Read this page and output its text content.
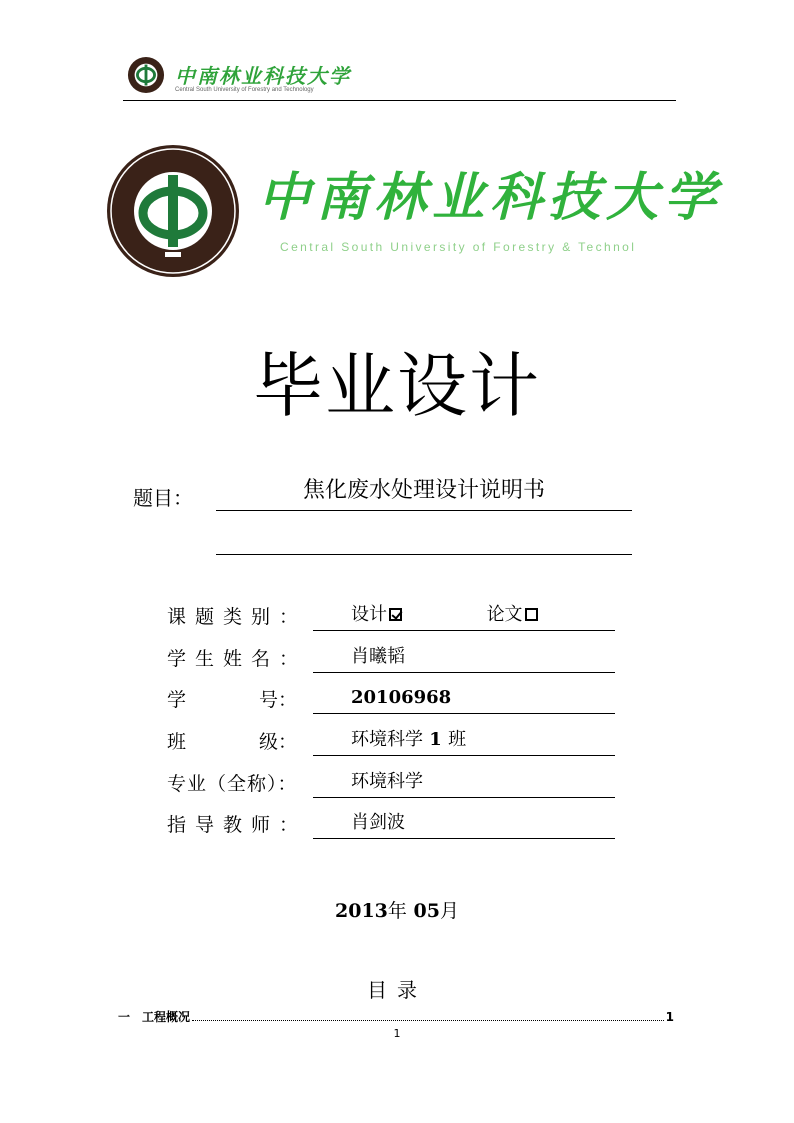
中南林业科技大学
Central South University of Forestry and Technology
中南林业科技大学
Central South University of Forestry & Technol
毕业设计
题目：	焦化废水处理设计说明书
课题类别：	设计	论文
学生姓名：	肖曦韬
学	号：	20106968
班	级：	环境科学 1 班
专业（全称）：	环境科学
指导教师：	肖剑波
2013年 05月
目录
一 工程概况	1
1
